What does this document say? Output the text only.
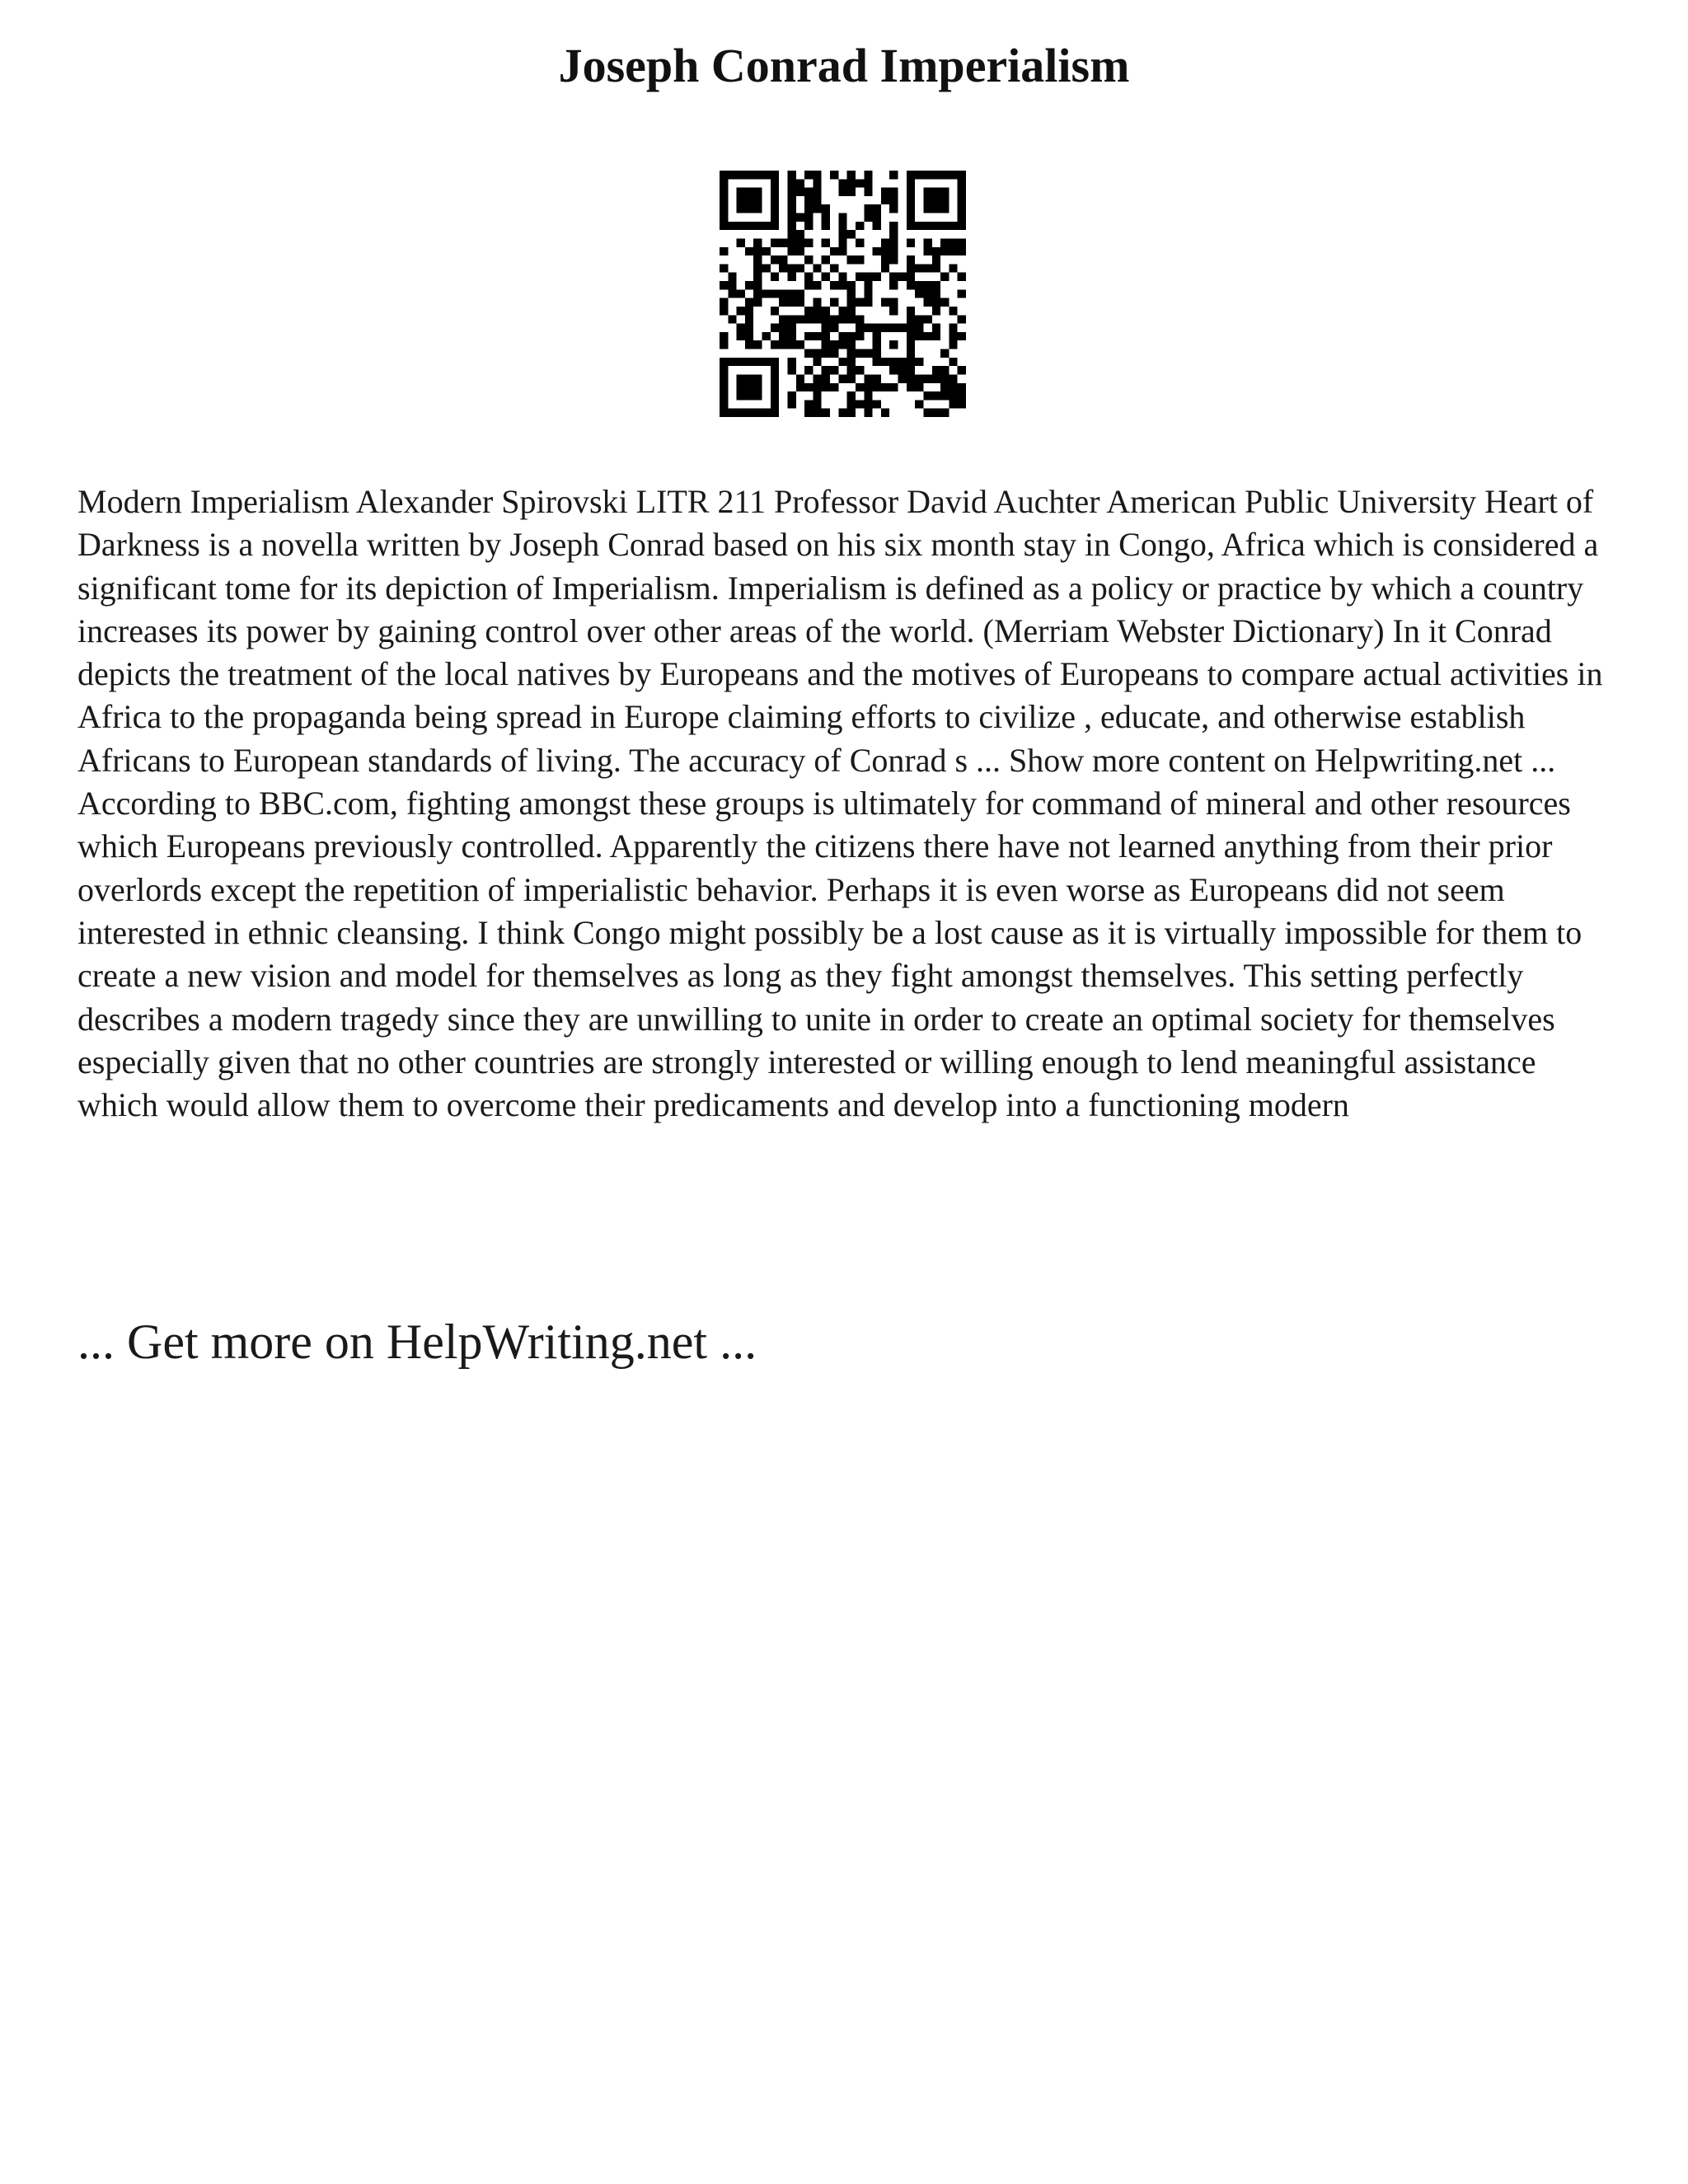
Joseph Conrad Imperialism

Modern Imperialism Alexander Spirovski LITR 211 Professor David Auchter American Public University Heart of Darkness is a novella written by Joseph Conrad based on his six month stay in Congo, Africa which is considered a significant tome for its depiction of Imperialism. Imperialism is defined as a policy or practice by which a country increases its power by gaining control over other areas of the world. (Merriam Webster Dictionary) In it Conrad depicts the treatment of the local natives by Europeans and the motives of Europeans to compare actual activities in Africa to the propaganda being spread in Europe claiming efforts to civilize , educate, and otherwise establish Africans to European standards of living. The accuracy of Conrad s ... Show more content on Helpwriting.net ...

According to BBC.com, fighting amongst these groups is ultimately for command of mineral and other resources which Europeans previously controlled. Apparently the citizens there have not learned anything from their prior overlords except the repetition of imperialistic behavior. Perhaps it is even worse as Europeans did not seem interested in ethnic cleansing. I think Congo might possibly be a lost cause as it is virtually impossible for them to create a new vision and model for themselves as long as they fight amongst themselves. This setting perfectly describes a modern tragedy since they are unwilling to unite in order to create an optimal society for themselves especially given that no other countries are strongly interested or willing enough to lend meaningful assistance which would allow them to overcome their predicaments and develop into a functioning modern

... Get more on HelpWriting.net ...
